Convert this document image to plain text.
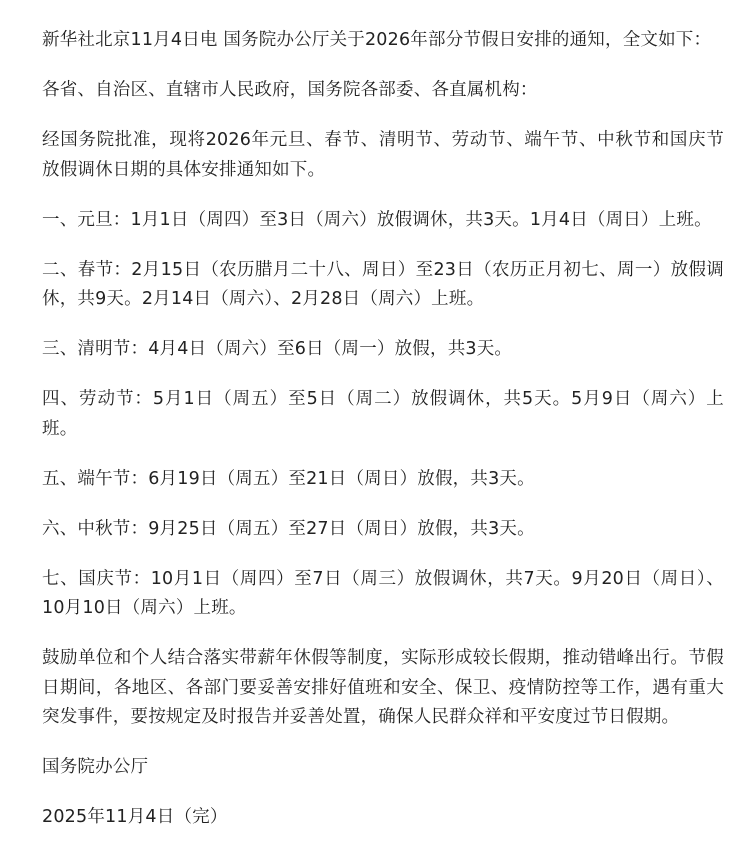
新华社北京11月4日电 国务院办公厅关于2026年部分节假日安排的通知，全文如下：

各省、自治区、直辖市人民政府，国务院各部委、各直属机构：

经国务院批准，现将2026年元旦、春节、清明节、劳动节、端午节、中秋节和国庆节放假调休日期的具体安排通知如下。

一、元旦：1月1日（周四）至3日（周六）放假调休，共3天。1月4日（周日）上班。

二、春节：2月15日（农历腊月二十八、周日）至23日（农历正月初七、周一）放假调休，共9天。2月14日（周六）、2月28日（周六）上班。

三、清明节：4月4日（周六）至6日（周一）放假，共3天。

四、劳动节：5月1日（周五）至5日（周二）放假调休，共5天。5月9日（周六）上班。

五、端午节：6月19日（周五）至21日（周日）放假，共3天。

六、中秋节：9月25日（周五）至27日（周日）放假，共3天。

七、国庆节：10月1日（周四）至7日（周三）放假调休，共7天。9月20日（周日）、10月10日（周六）上班。

鼓励单位和个人结合落实带薪年休假等制度，实际形成较长假期，推动错峰出行。节假日期间，各地区、各部门要妥善安排好值班和安全、保卫、疫情防控等工作，遇有重大突发事件，要按规定及时报告并妥善处置，确保人民群众祥和平安度过节日假期。

国务院办公厅

2025年11月4日（完）
